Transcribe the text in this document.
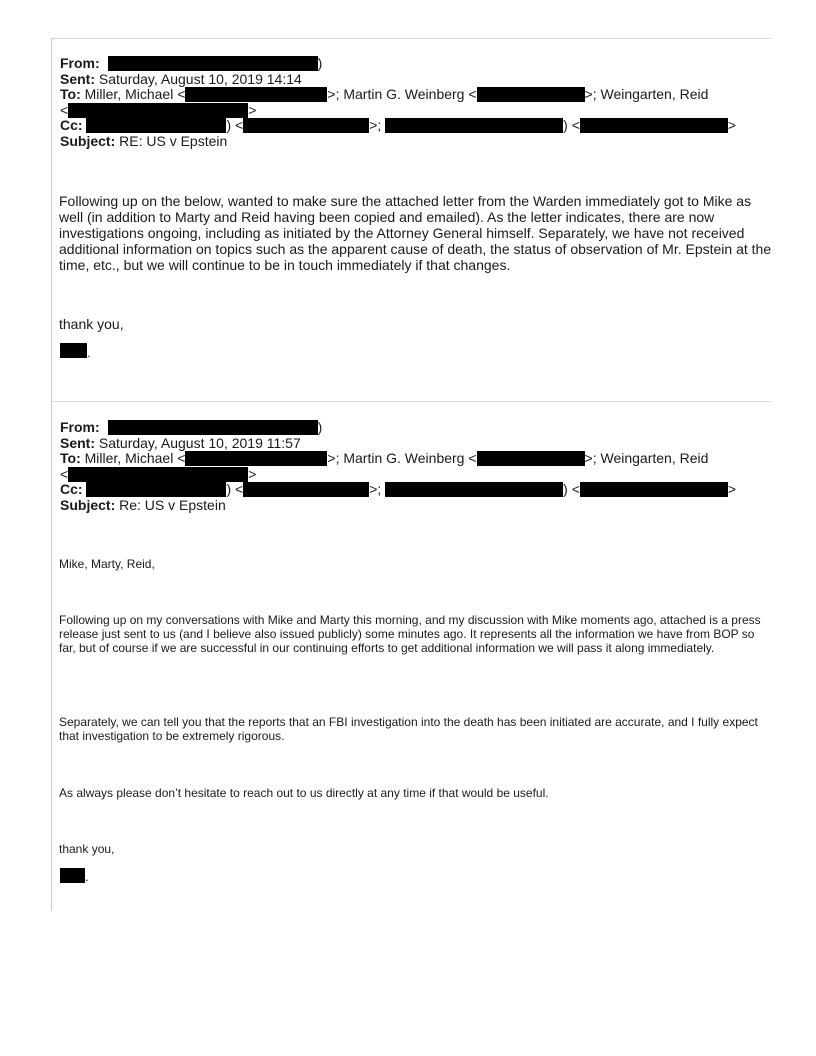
From:	)
Sent: Saturday, August 10, 2019 14:14
To: Miller, Michael <	>; Martin G. Weinberg <	>; Weingarten, Reid
<	>
Cc:	) <	>;	) <	>
Subject: RE: US v Epstein

Following up on the below, wanted to make sure the attached letter from the Warden immediately got to Mike as well (in addition to Marty and Reid having been copied and emailed). As the letter indicates, there are now investigations ongoing, including as initiated by the Attorney General himself. Separately, we have not received additional information on topics such as the apparent cause of death, the status of observation of Mr. Epstein at the time, etc., but we will continue to be in touch immediately if that changes.

thank you,

.
From:	)
Sent: Saturday, August 10, 2019 11:57
To: Miller, Michael <	>; Martin G. Weinberg <	>; Weingarten, Reid
<	>
Cc:	) <	>;	) <	>
Subject: Re: US v Epstein

Mike, Marty, Reid,

Following up on my conversations with Mike and Marty this morning, and my discussion with Mike moments ago, attached is a press release just sent to us (and I believe also issued publicly) some minutes ago. It represents all the information we have from BOP so far, but of course if we are successful in our continuing efforts to get additional information we will pass it along immediately.

Separately, we can tell you that the reports that an FBI investigation into the death has been initiated are accurate, and I fully expect that investigation to be extremely rigorous.

As always please don’t hesitate to reach out to us directly at any time if that would be useful.

thank you,

.
